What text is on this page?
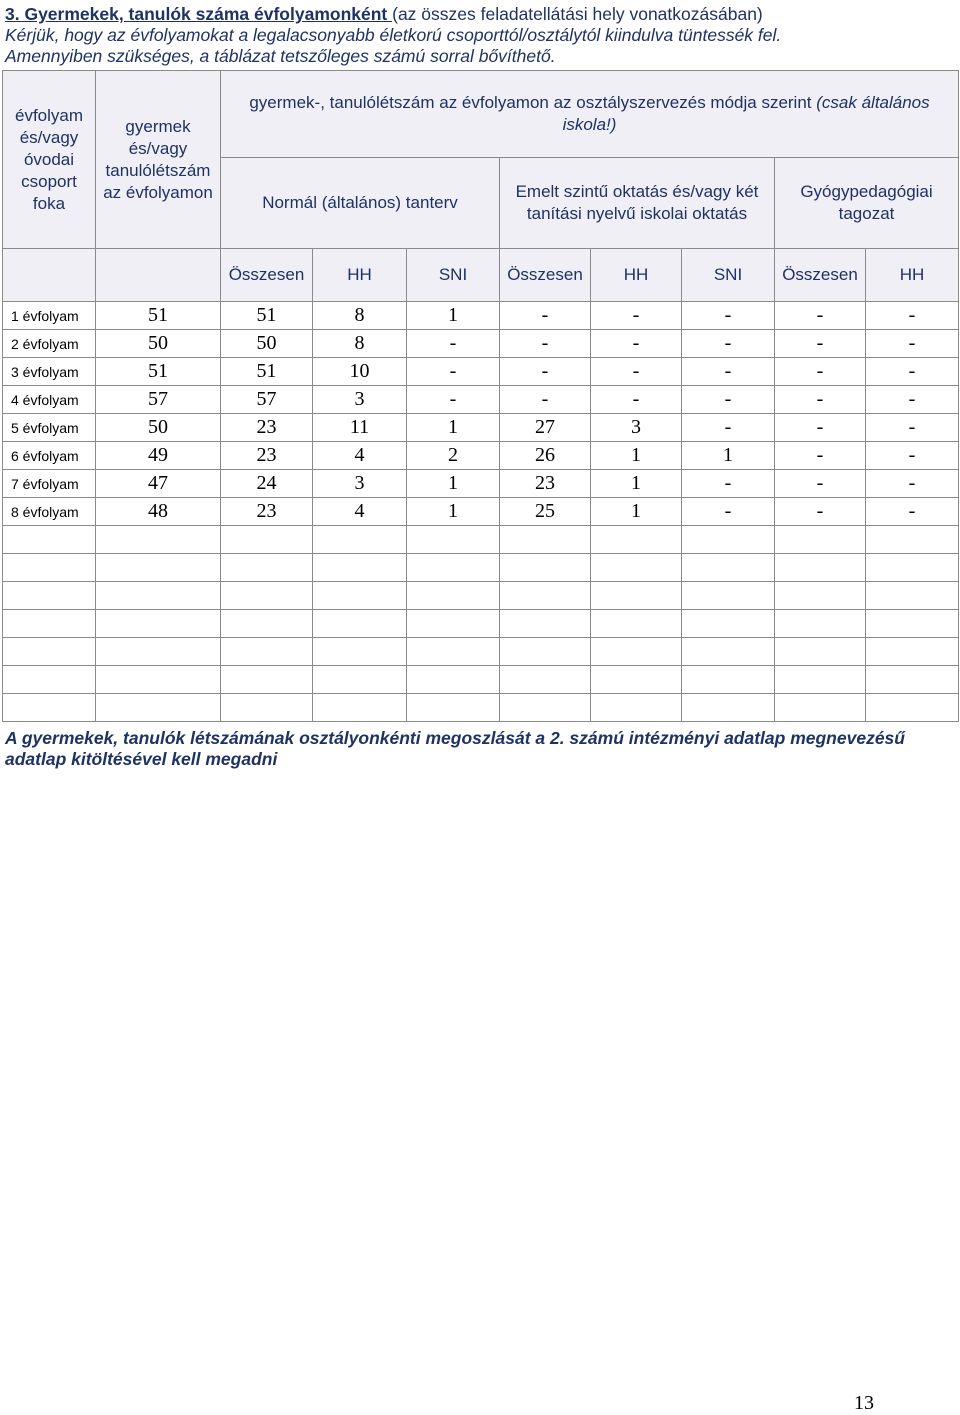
3. Gyermekek, tanulók száma évfolyamonként (az összes feladatellátási hely vonatkozásában)
Kérjük, hogy az évfolyamokat a legalacsonyabb életkorú csoporttól/osztálytól kiindulva tüntessék fel.
Amennyiben szükséges, a táblázat tetszőleges számú sorral bővíthető.
évfolyam és/vagy óvodai csoport foka	gyermek és/vagy tanulólétszám az évfolyamon	gyermek-, tanulólétszám az évfolyamon az osztályszervezés módja szerint (csak általános iskola!)							
		Normál (általános) tanterv			Emelt szintű oktatás és/vagy két tanítási nyelvű iskolai oktatás			Gyógypedagógiai tagozat	
		Összesen	HH	SNI	Összesen	HH	SNI	Összesen	HH
1 évfolyam	51	51	8	1	-	-	-	-	-
2 évfolyam	50	50	8	-	-	-	-	-	-
3 évfolyam	51	51	10	-	-	-	-	-	-
4 évfolyam	57	57	3	-	-	-	-	-	-
5 évfolyam	50	23	11	1	27	3	-	-	-
6 évfolyam	49	23	4	2	26	1	1	-	-
7 évfolyam	47	24	3	1	23	1	-	-	-
8 évfolyam	48	23	4	1	25	1	-	-	-

A gyermekek, tanulók létszámának osztályonkénti megoszlását a 2. számú intézményi adatlap megnevezésű adatlap kitöltésével kell megadni
13
